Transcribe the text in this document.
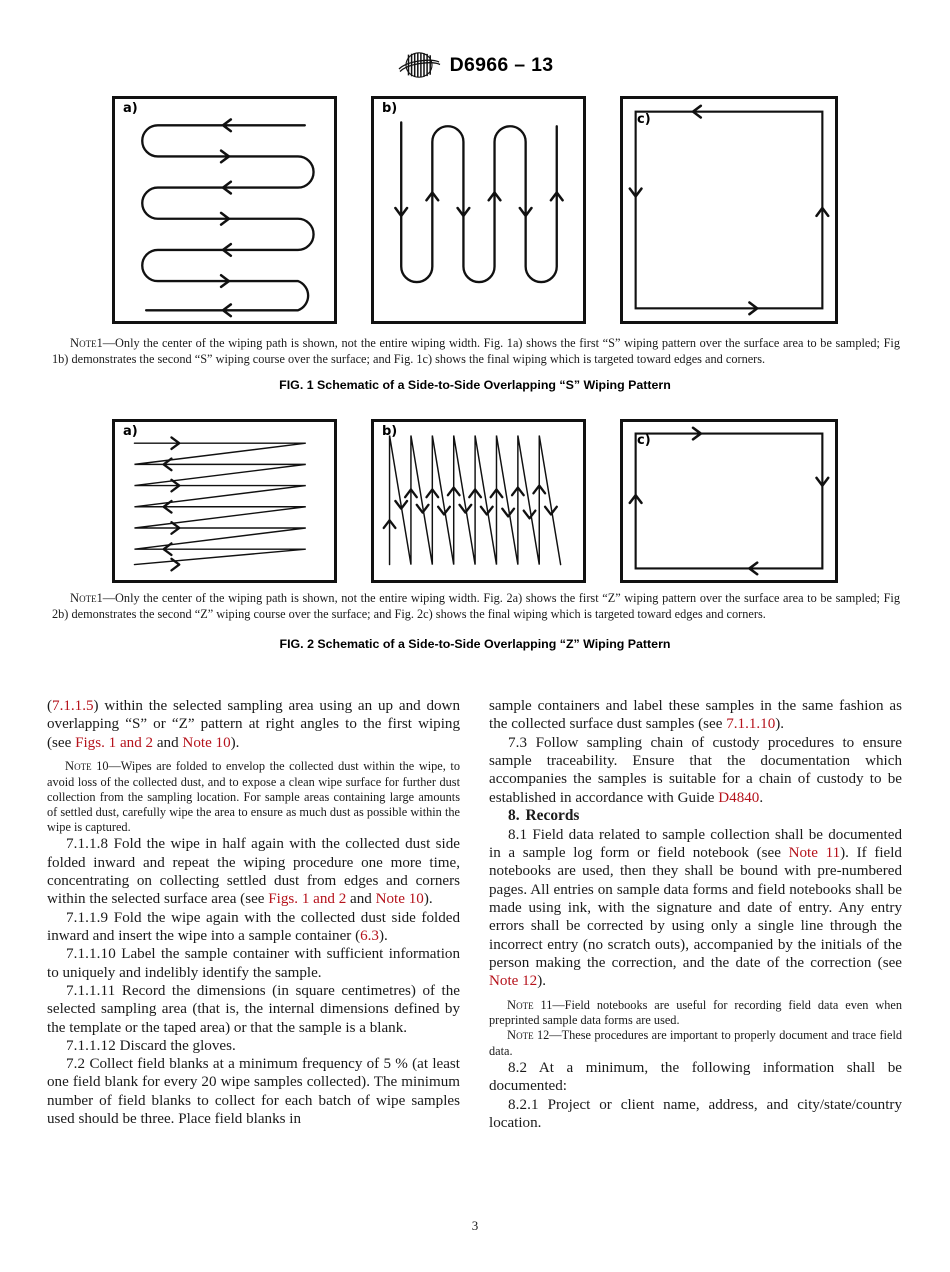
D6966 – 13
a)	b)
c)
Note1—Only the center of the wiping path is shown, not the entire wiping width. Fig. 1a) shows the first “S” wiping pattern over the surface area to be sampled; Fig 1b) demonstrates the second “S” wiping course over the surface; and Fig. 1c) shows the final wiping which is targeted toward edges and corners.
FIG. 1 Schematic of a Side-to-Side Overlapping “S” Wiping Pattern
a)	b)
c)
Note1—Only the center of the wiping path is shown, not the entire wiping width. Fig. 2a) shows the first “Z” wiping pattern over the surface area to be sampled; Fig 2b) demonstrates the second “Z” wiping course over the surface; and Fig. 2c) shows the final wiping which is targeted toward edges and corners.
FIG. 2 Schematic of a Side-to-Side Overlapping “Z” Wiping Pattern

(7.1.1.5) within the selected sampling area using an up and down overlapping “S” or “Z” pattern at right angles to the first wiping (see Figs. 1 and 2 and Note 10).

Note 10—Wipes are folded to envelop the collected dust within the wipe, to avoid loss of the collected dust, and to expose a clean wipe surface for further dust collection from the sampling location. For sample areas containing large amounts of settled dust, carefully wipe the area to ensure as much dust as possible within the wipe is captured.

7.1.1.8 Fold the wipe in half again with the collected dust side folded inward and repeat the wiping procedure one more time, concentrating on collecting settled dust from edges and corners within the selected surface area (see Figs. 1 and 2 and Note 10).

7.1.1.9 Fold the wipe again with the collected dust side folded inward and insert the wipe into a sample container (6.3).

7.1.1.10 Label the sample container with sufficient information to uniquely and indelibly identify the sample.

7.1.1.11 Record the dimensions (in square centimetres) of the selected sampling area (that is, the internal dimensions defined by the template or the taped area) or that the sample is a blank.

7.1.1.12 Discard the gloves.

7.2 Collect field blanks at a minimum frequency of 5 % (at least one field blank for every 20 wipe samples collected). The minimum number of field blanks to collect for each batch of wipe samples used should be three. Place field blanks in

sample containers and label these samples in the same fashion as the collected surface dust samples (see 7.1.1.10).

7.3 Follow sampling chain of custody procedures to ensure sample traceability. Ensure that the documentation which accompanies the samples is suitable for a chain of custody to be established in accordance with Guide D4840.

8. Records

8.1 Field data related to sample collection shall be documented in a sample log form or field notebook (see Note 11). If field notebooks are used, then they shall be bound with pre-numbered pages. All entries on sample data forms and field notebooks shall be made using ink, with the signature and date of entry. Any entry errors shall be corrected by using only a single line through the incorrect entry (no scratch outs), accompanied by the initials of the person making the correction, and the date of the correction (see Note 12).

Note 11—Field notebooks are useful for recording field data even when preprinted sample data forms are used.

Note 12—These procedures are important to properly document and trace field data.

8.2 At a minimum, the following information shall be documented:

8.2.1 Project or client name, address, and city/state/country location.

3
